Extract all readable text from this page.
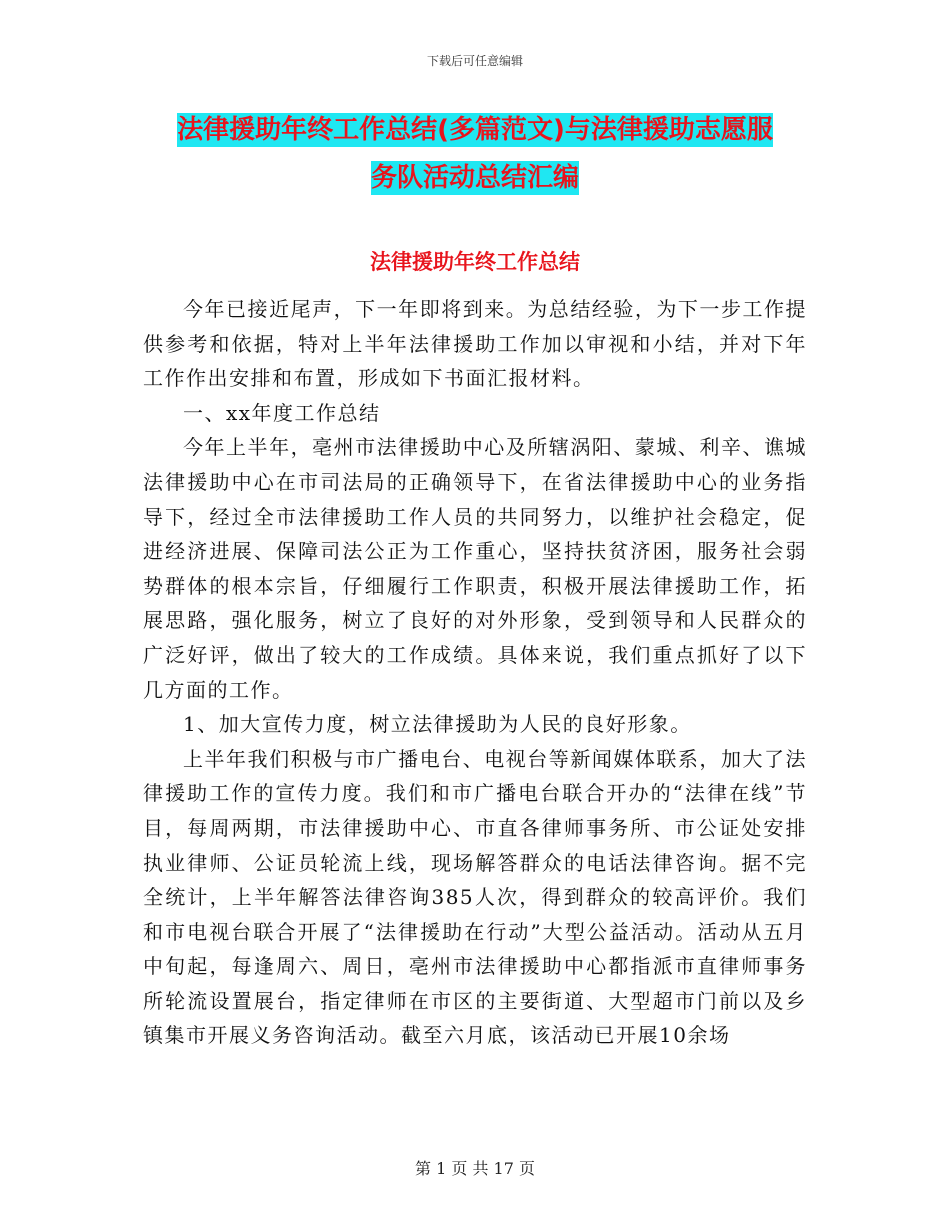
下载后可任意编辑
法律援助年终工作总结(多篇范文)与法律援助志愿服
务队活动总结汇编
法律援助年终工作总结

今年已接近尾声，下一年即将到来。为总结经验，为下一步工作提供参考和依据，特对上半年法律援助工作加以审视和小结，并对下年工作作出安排和布置，形成如下书面汇报材料。

一、xx年度工作总结

今年上半年，亳州市法律援助中心及所辖涡阳、蒙城、利辛、谯城法律援助中心在市司法局的正确领导下，在省法律援助中心的业务指导下，经过全市法律援助工作人员的共同努力，以维护社会稳定，促进经济进展、保障司法公正为工作重心，坚持扶贫济困，服务社会弱势群体的根本宗旨，仔细履行工作职责，积极开展法律援助工作，拓展思路，强化服务，树立了良好的对外形象，受到领导和人民群众的广泛好评，做出了较大的工作成绩。具体来说，我们重点抓好了以下几方面的工作。

1、加大宣传力度，树立法律援助为人民的良好形象。

上半年我们积极与市广播电台、电视台等新闻媒体联系，加大了法律援助工作的宣传力度。我们和市广播电台联合开办的“法律在线”节目，每周两期，市法律援助中心、市直各律师事务所、市公证处安排执业律师、公证员轮流上线，现场解答群众的电话法律咨询。据不完全统计，上半年解答法律咨询385人次，得到群众的较高评价。我们和市电视台联合开展了“法律援助在行动”大型公益活动。活动从五月中旬起，每逢周六、周日，亳州市法律援助中心都指派市直律师事务所轮流设置展台，指定律师在市区的主要街道、大型超市门前以及乡镇集市开展义务咨询活动。截至六月底，该活动已开展10余场

第 1 页 共 17 页
